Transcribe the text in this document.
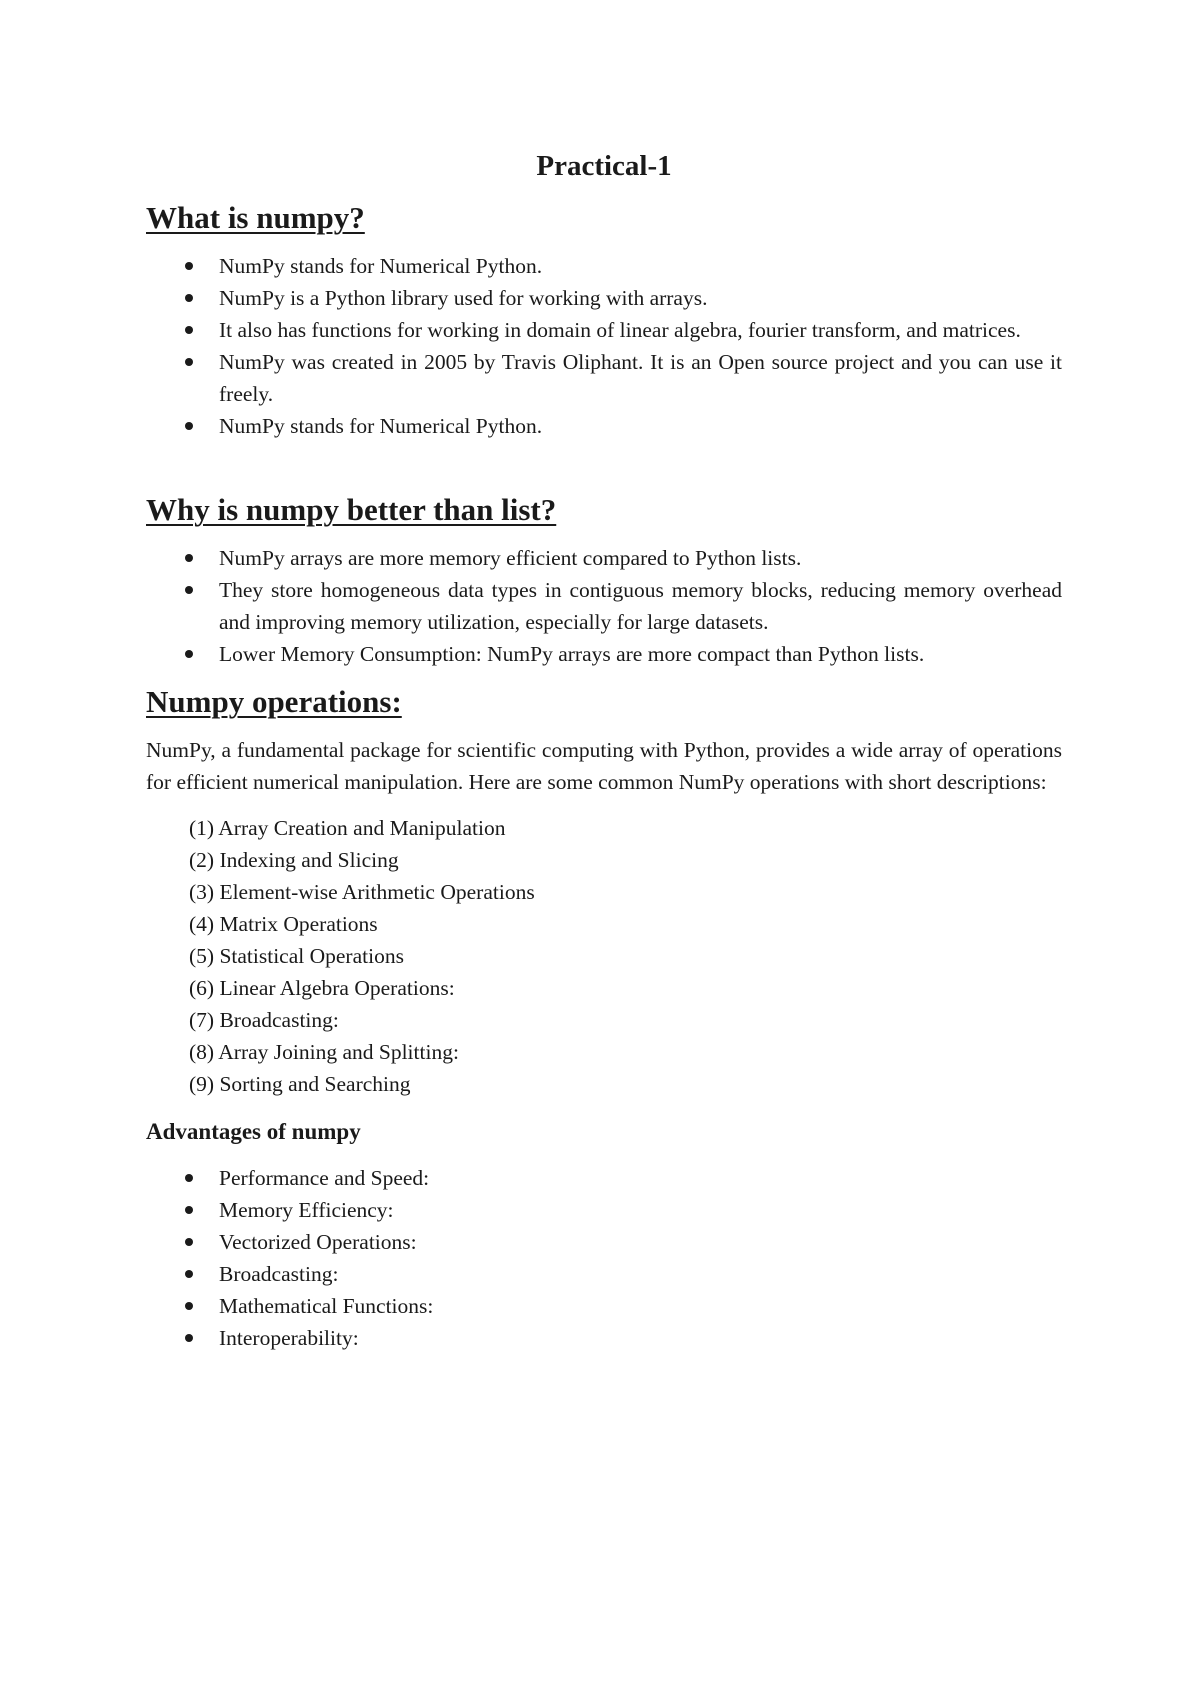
Practical-1
What is numpy?
NumPy stands for Numerical Python.
NumPy is a Python library used for working with arrays.
It also has functions for working in domain of linear algebra, fourier transform, and matrices.
NumPy was created in 2005 by Travis Oliphant. It is an Open source project and you can use it freely.
NumPy stands for Numerical Python.
Why is numpy better than list?
NumPy arrays are more memory efficient compared to Python lists.
They store homogeneous data types in contiguous memory blocks, reducing memory overhead and improving memory utilization, especially for large datasets.
Lower Memory Consumption: NumPy arrays are more compact than Python lists.
Numpy operations:

NumPy, a fundamental package for scientific computing with Python, provides a wide array of operations for efficient numerical manipulation. Here are some common NumPy operations with short descriptions:

(1) Array Creation and Manipulation
(2) Indexing and Slicing
(3) Element-wise Arithmetic Operations
(4) Matrix Operations
(5) Statistical Operations
(6) Linear Algebra Operations:
(7) Broadcasting:
(8) Array Joining and Splitting:
(9) Sorting and Searching
Advantages of numpy
Performance and Speed:
Memory Efficiency:
Vectorized Operations:
Broadcasting:
Mathematical Functions:
Interoperability:
